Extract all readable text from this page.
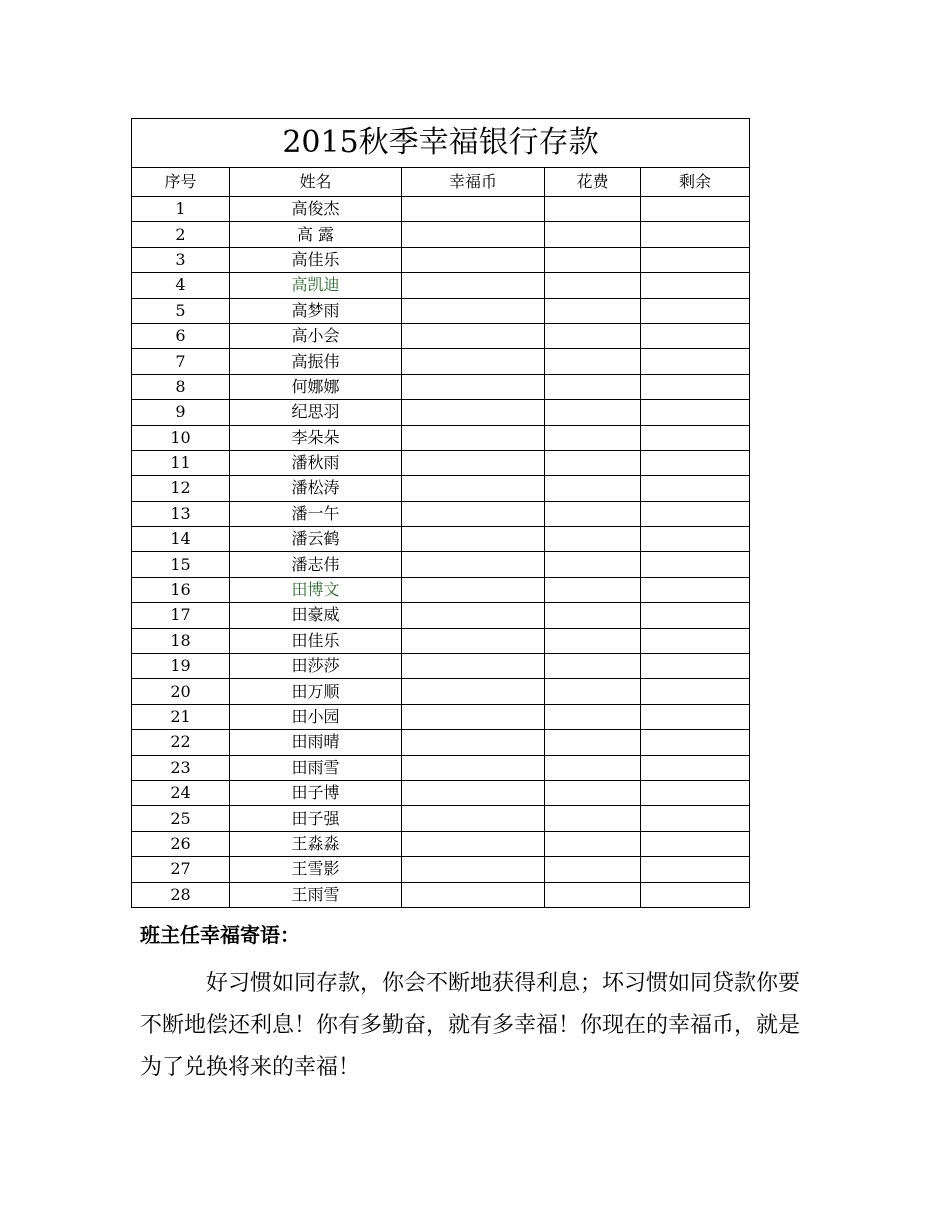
2015秋季幸福银行存款				
序号	姓名	幸福币	花费	剩余
1	高俊杰			
2	高 露			
3	高佳乐			
4	高凯迪			
5	高梦雨			
6	高小会			
7	高振伟			
8	何娜娜			
9	纪思羽			
10	李朵朵			
11	潘秋雨			
12	潘松涛			
13	潘一午			
14	潘云鹤			
15	潘志伟			
16	田博文			
17	田豪威			
18	田佳乐			
19	田莎莎			
20	田万顺			
21	田小园			
22	田雨晴			
23	田雨雪			
24	田子博			
25	田子强			
26	王淼淼			
27	王雪影			
28	王雨雪			
班主任幸福寄语：

好习惯如同存款，你会不断地获得利息；坏习惯如同贷款你要不断地偿还利息！你有多勤奋，就有多幸福！你现在的幸福币，就是为了兑换将来的幸福！
